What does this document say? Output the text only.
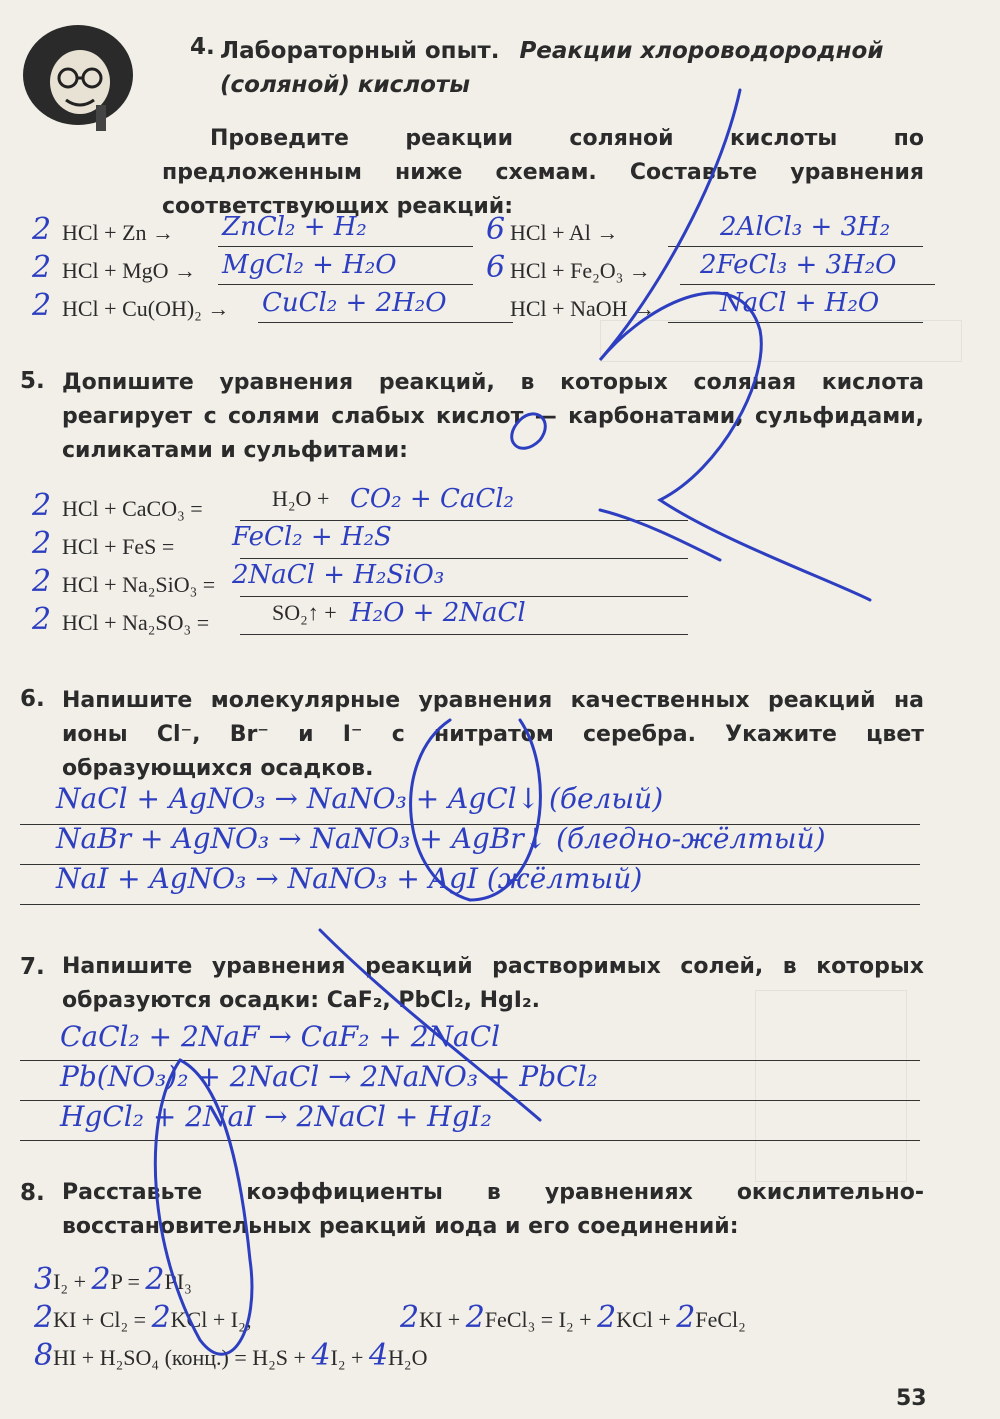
4. Лабораторный опыт. Реакции хлороводородной (соляной) кислоты
Проведите реакции соляной кислоты по предложенным ниже схемам. Составьте уравнения соответствующих реакций:
2 HCl + Zn → ZnCl₂ + H₂
2 HCl + MgO → MgCl₂ + H₂O
2 HCl + Cu(OH)₂ → CuCl₂ + 2H₂O
6 HCl + Al →	2AlCl₃ + 3H₂
6 HCl + Fe₂O₃ → 2FeCl₃ + 3H₂O
HCl + NaOH → NaCl + H₂O
5. Допишите уравнения реакций, в которых соляная кислота реагирует с солями слабых кислот — карбонатами, сульфидами, силикатами и сульфитами:
2 HCl + CaCO₃ =	H₂O + CO₂ + CaCl₂
2 HCl + FeS = FeCl₂ + H₂S
2 HCl + Na₂SiO₃ = 2NaCl + H₂SiO₃
2 HCl + Na₂SO₃ =	SO₂↑ + H₂O + 2NaCl
6. Напишите молекулярные уравнения качественных реакций на ионы Cl⁻, Br⁻ и I⁻ с нитратом серебра. Укажите цвет образующихся осадков.
NaCl + AgNO₃ → NaNO₃ + AgCl↓ (белый)
NaBr + AgNO₃ → NaNO₃ + AgBr↓ (бледно-жёлтый)
NaI + AgNO₃ → NaNO₃ + AgI (жёлтый)
7. Напишите уравнения реакций растворимых солей, в которых образуются осадки: CaF₂, PbCl₂, HgI₂.
CaCl₂ + 2NaF → CaF₂ + 2NaCl
Pb(NO₃)₂ + 2NaCl → 2NaNO₃ + PbCl₂
HgCl₂ + 2NaI → 2NaCl + HgI₂
8. Расставьте коэффициенты в уравнениях окислительно-восстановительных реакций иода и его соединений:
3I₂ + 2P = 2PI₃
2KI + Cl₂ = 2KCl + I₂;	2KI + 2FeCl₃ = I₂ + 2KCl + 2FeCl₂
8HI + H₂SO₄ (конц.) = H₂S + 4I₂ + 4H₂O
53
